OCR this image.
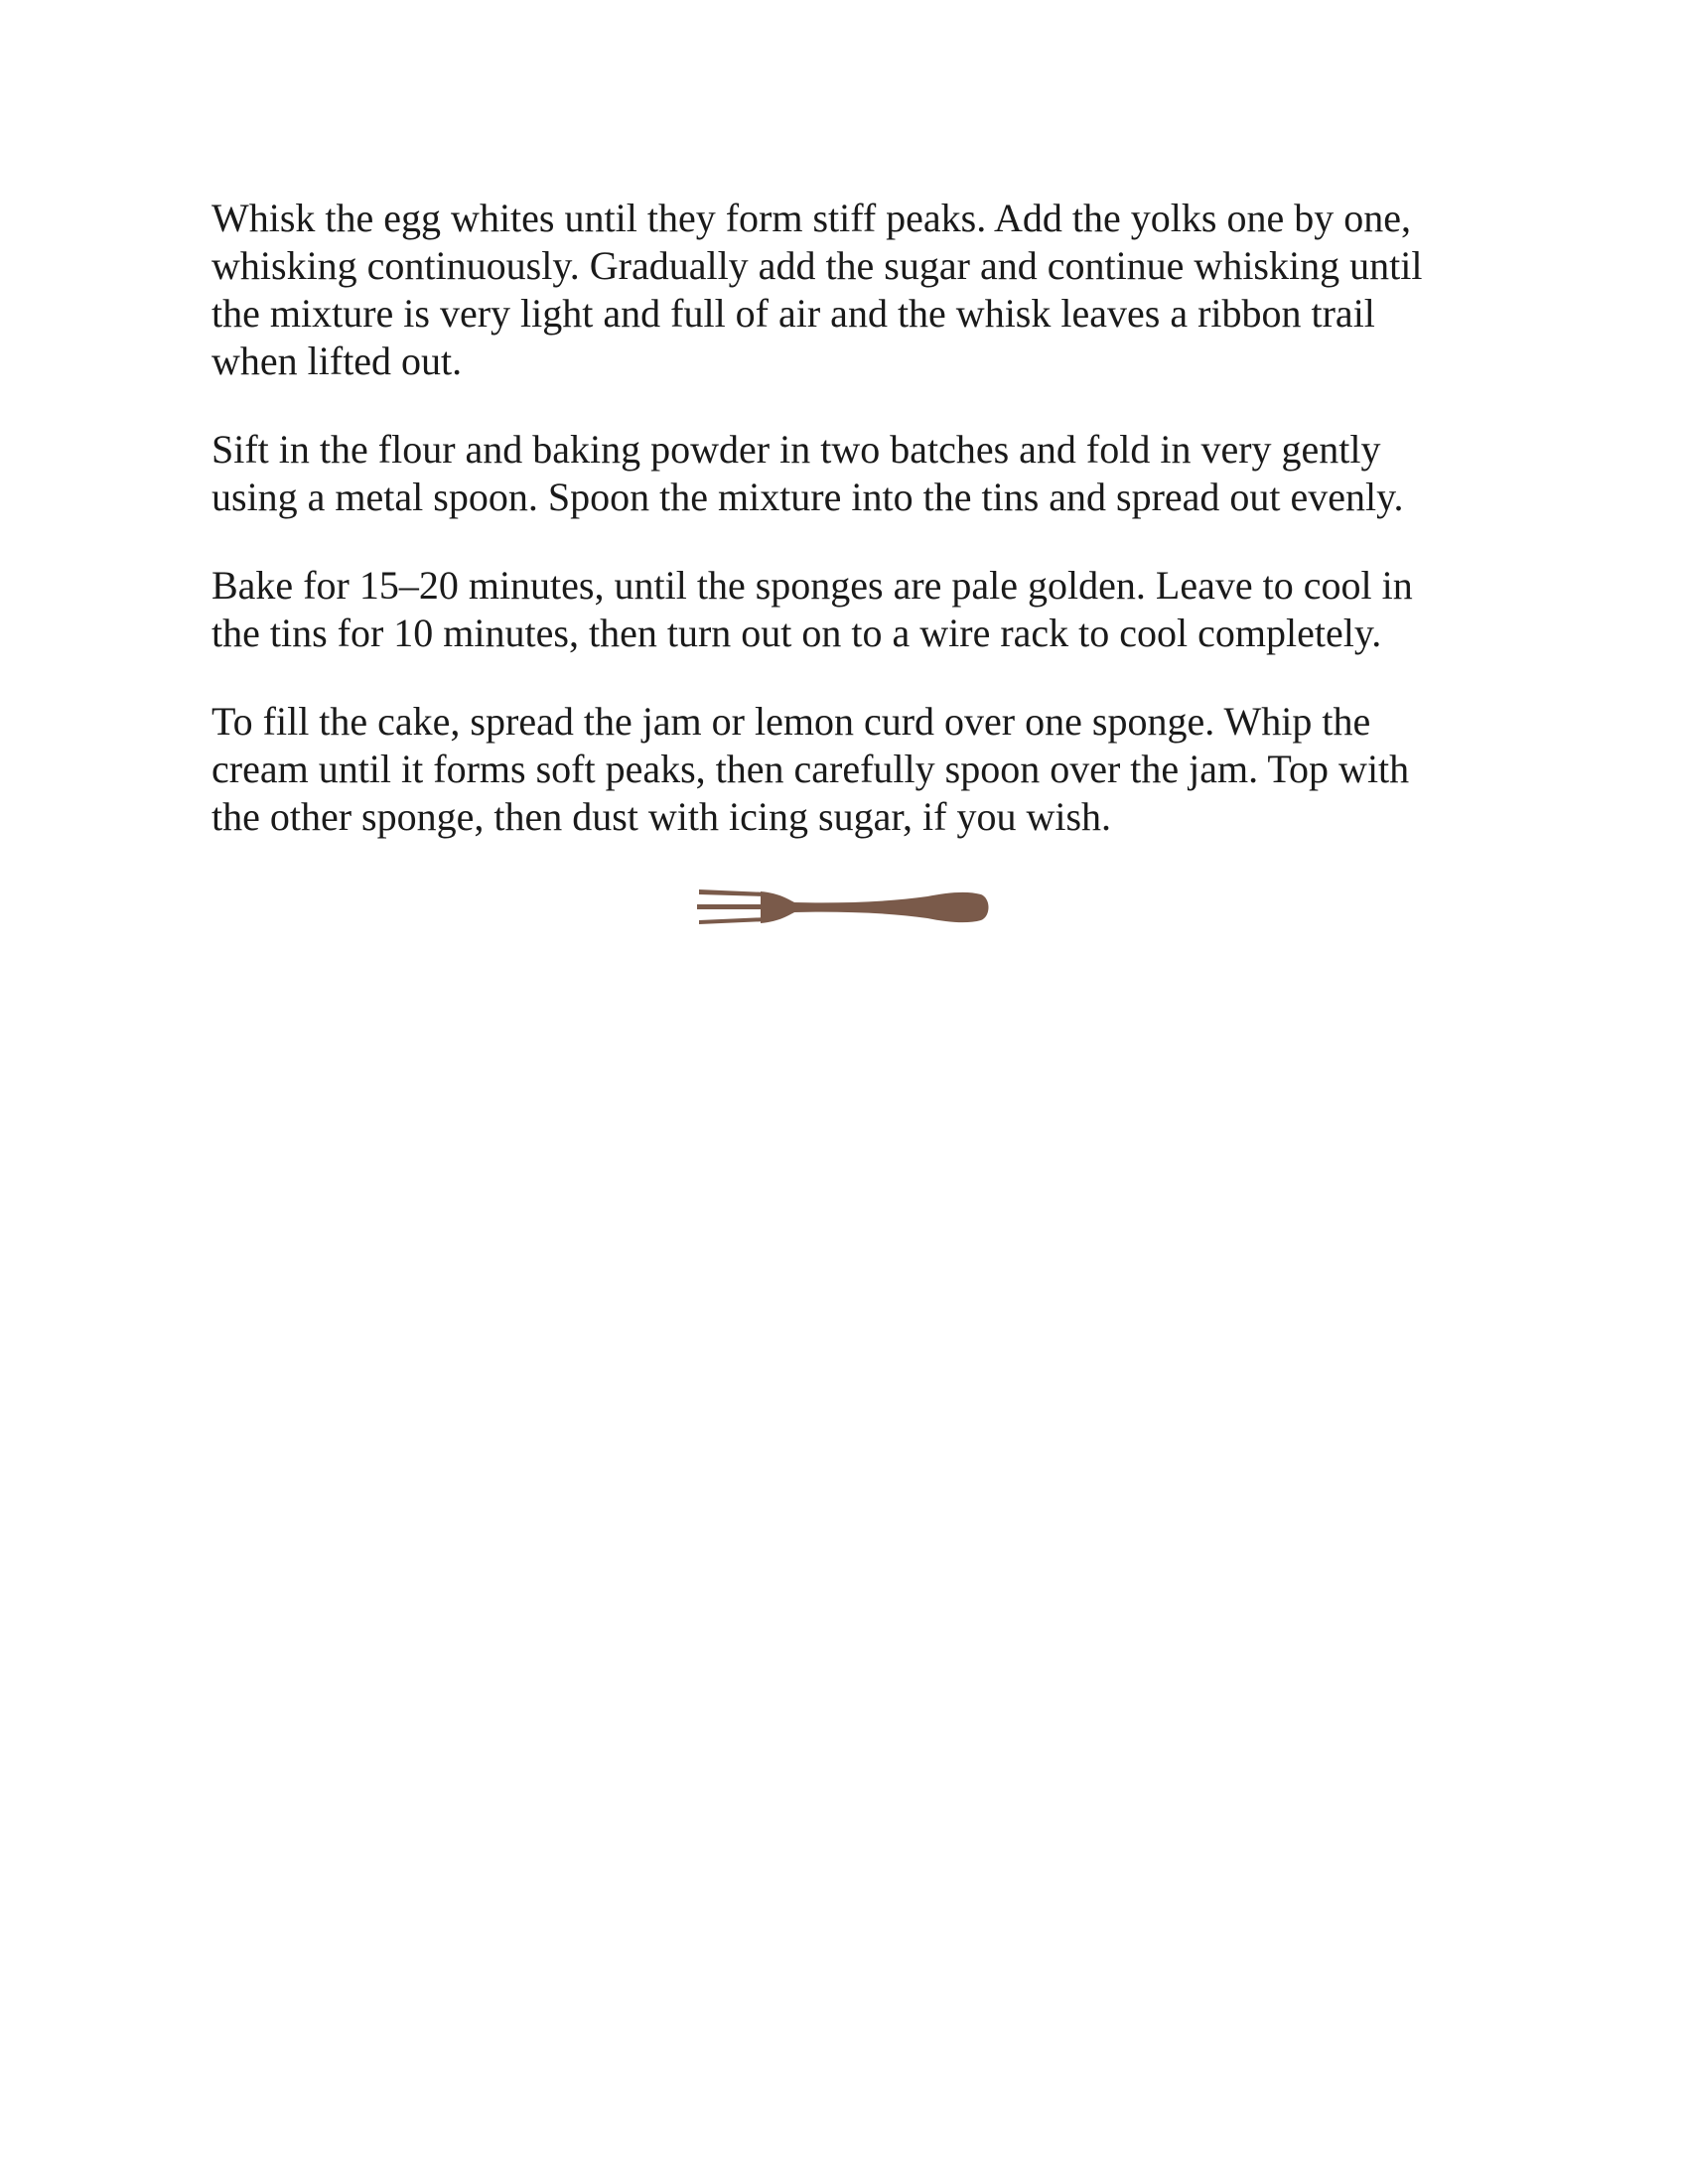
Whisk the egg whites until they form stiff peaks. Add the yolks one by one,
whisking continuously. Gradually add the sugar and continue whisking until
the mixture is very light and full of air and the whisk leaves a ribbon trail
when lifted out.

Sift in the flour and baking powder in two batches and fold in very gently
using a metal spoon. Spoon the mixture into the tins and spread out evenly.

Bake for 15–20 minutes, until the sponges are pale golden. Leave to cool in
the tins for 10 minutes, then turn out on to a wire rack to cool completely.

To fill the cake, spread the jam or lemon curd over one sponge. Whip the
cream until it forms soft peaks, then carefully spoon over the jam. Top with
the other sponge, then dust with icing sugar, if you wish.
